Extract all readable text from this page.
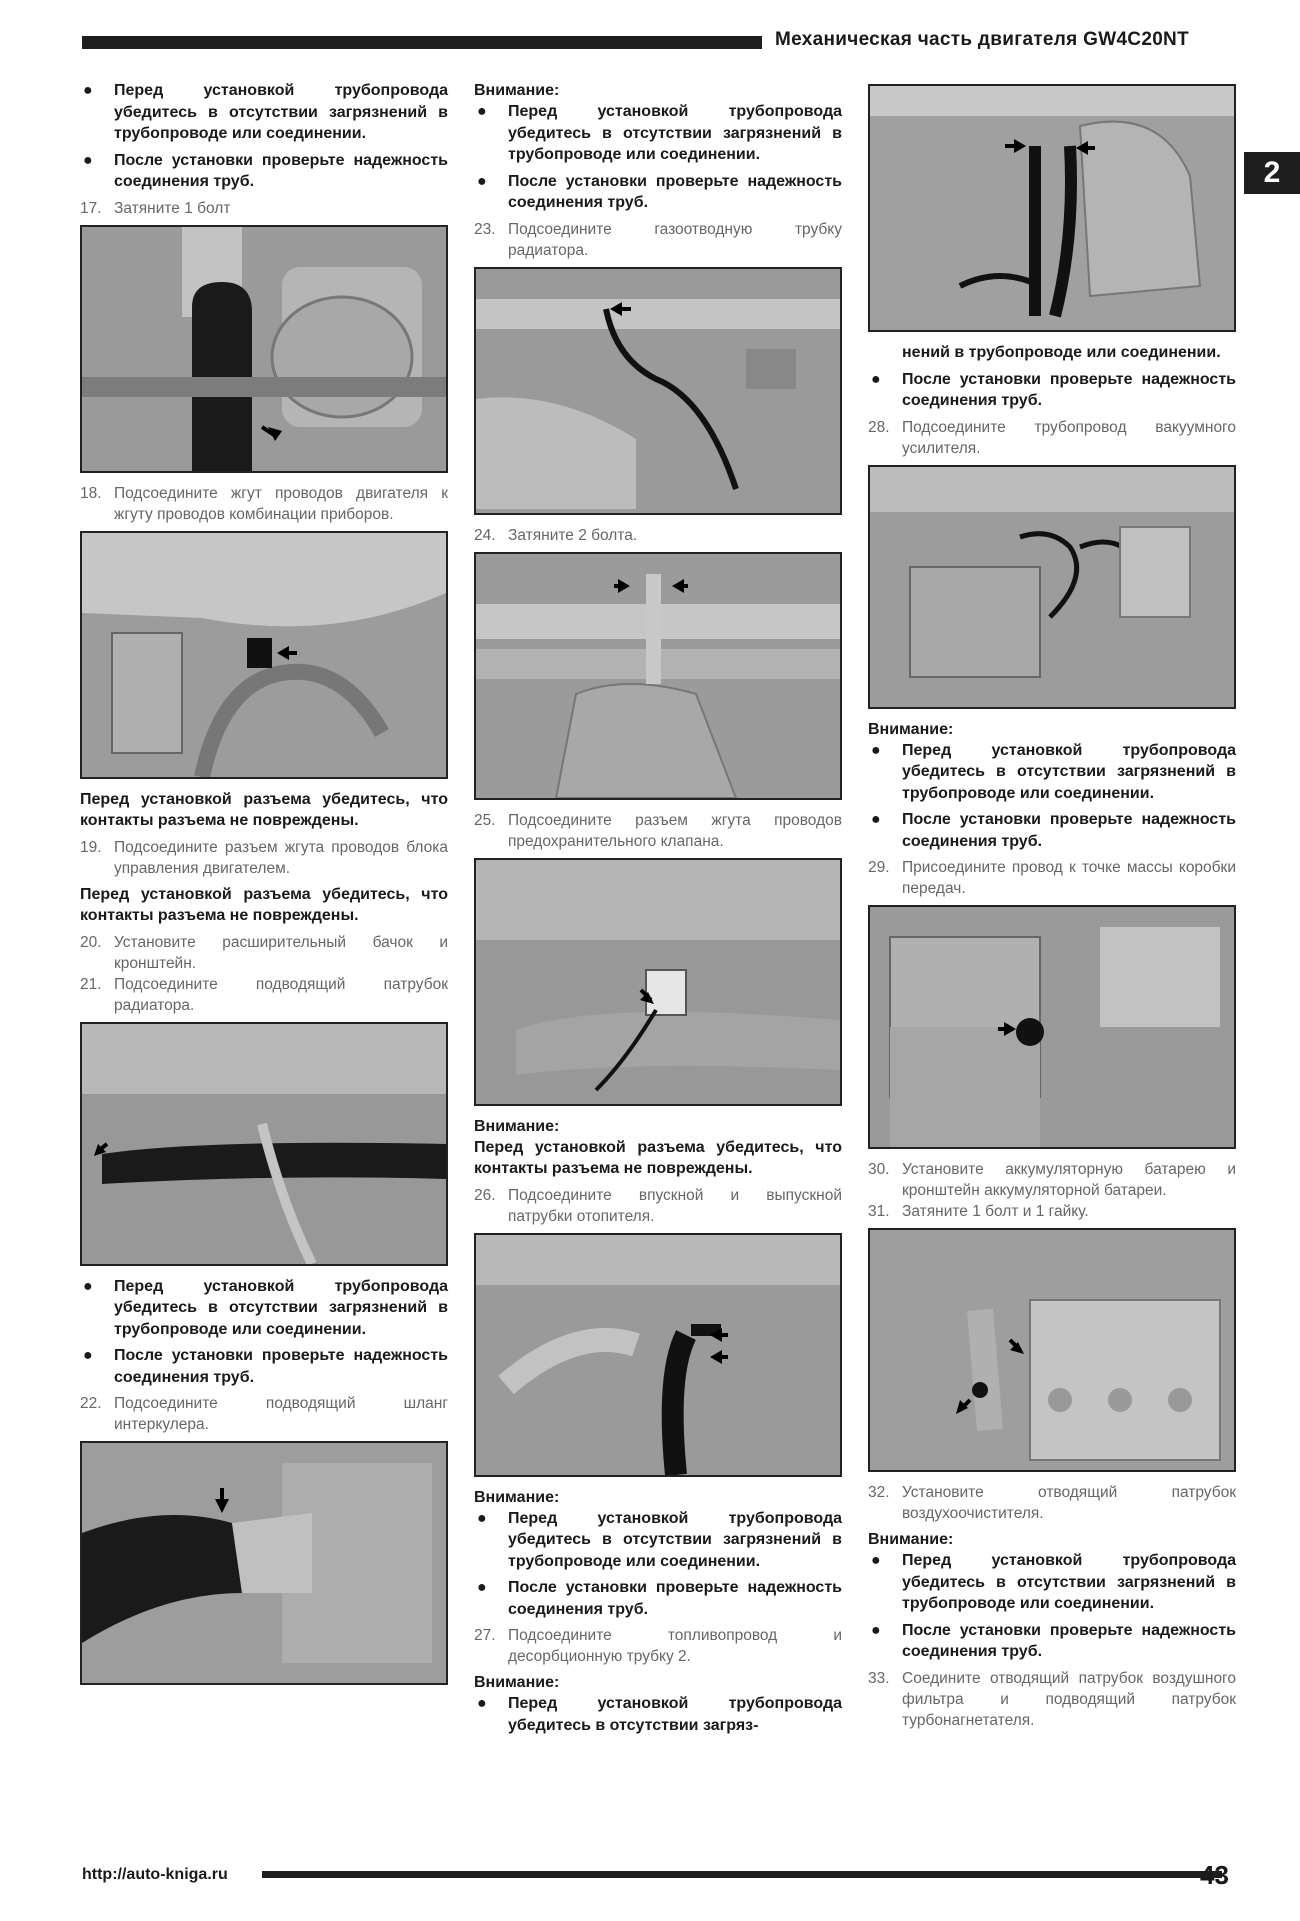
Механическая часть двигателя GW4C20NT
2
●	Перед установкой трубопровода убедитесь в отсутствии загрязнений в трубопроводе или соединении.
●	После установки проверьте надежность соединения труб.
17. Затяните 1 болт
18. Подсоедините жгут проводов двигателя к жгуту проводов комбинации приборов.
Перед установкой разъема убедитесь, что контакты разъема не повреждены.
19. Подсоедините разъем жгута проводов блока управления двигателем.
Перед установкой разъема убедитесь, что контакты разъема не повреждены.
20. Установите расширительный бачок и кронштейн.
21. Подсоедините подводящий патрубок радиатора.
●	Перед установкой трубопровода убедитесь в отсутствии загрязнений в трубопроводе или соединении.
●	После установки проверьте надежность соединения труб.
22. Подсоедините подводящий шланг интеркулера.
Внимание:
●	Перед установкой трубопровода убедитесь в отсутствии загрязнений в трубопроводе или соединении.
●	После установки проверьте надежность соединения труб.
23. Подсоедините газоотводную трубку радиатора.
24. Затяните 2 болта.
25. Подсоедините разъем жгута проводов предохранительного клапана.
Внимание:
Перед установкой разъема убедитесь, что контакты разъема не повреждены.
26. Подсоедините впускной и выпускной патрубки отопителя.
Внимание:
●	Перед установкой трубопровода убедитесь в отсутствии загрязнений в трубопроводе или соединении.
●	После установки проверьте надежность соединения труб.
27. Подсоедините топливопровод и десорбционную трубку 2.
Внимание:
●	Перед установкой трубопровода убедитесь в отсутствии загряз-
нений в трубопроводе или соединении.
●	После установки проверьте надежность соединения труб.
28. Подсоедините трубопровод вакуумного усилителя.
Внимание:
●	Перед установкой трубопровода убедитесь в отсутствии загрязнений в трубопроводе или соединении.
●	После установки проверьте надежность соединения труб.
29. Присоедините провод к точке массы коробки передач.
30. Установите аккумуляторную батарею и кронштейн аккумуляторной батареи.
31. Затяните 1 болт и 1 гайку.
32. Установите отводящий патрубок воздухоочистителя.
Внимание:
●	Перед установкой трубопровода убедитесь в отсутствии загрязнений в трубопроводе или соединении.
●	После установки проверьте надежность соединения труб.
33. Соедините отводящий патрубок воздушного фильтра и подводящий патрубок турбонагнетателя.
http://auto-kniga.ru	43
